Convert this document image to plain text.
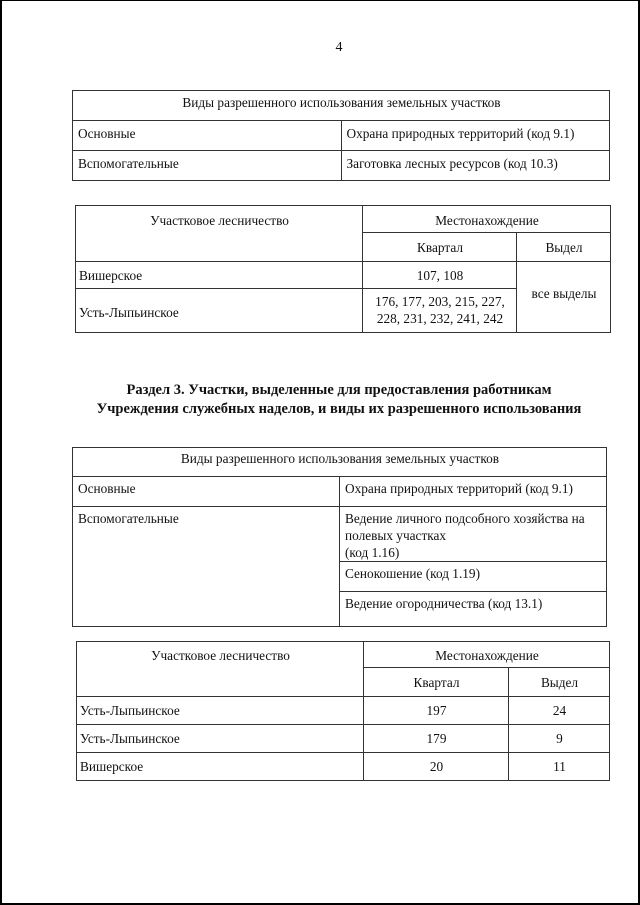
4
Виды разрешенного использования земельных участков	
Основные	Охрана природных территорий (код 9.1)
Вспомогательные	Заготовка лесных ресурсов (код 10.3)
Участковое лесничество	Местонахождение	
	Квартал	Выдел
Вишерское	107, 108	все выделы
Усть-Лыпьинское	176, 177, 203, 215, 227,
228, 231, 232, 241, 242	
Раздел 3. Участки, выделенные для предоставления работникам
Учреждения служебных наделов, и виды их разрешенного использования
Виды разрешенного использования земельных участков	
Основные	Охрана природных территорий (код 9.1)
Вспомогательные	Ведение личного подсобного хозяйства на полевых участках
(код 1.16)

	Сенокошение (код 1.19)
	Ведение огородничества (код 13.1)
Участковое лесничество	Местонахождение	
	Квартал	Выдел
Усть-Лыпьинское	197	24
Усть-Лыпьинское	179	9
Вишерское	20	11
